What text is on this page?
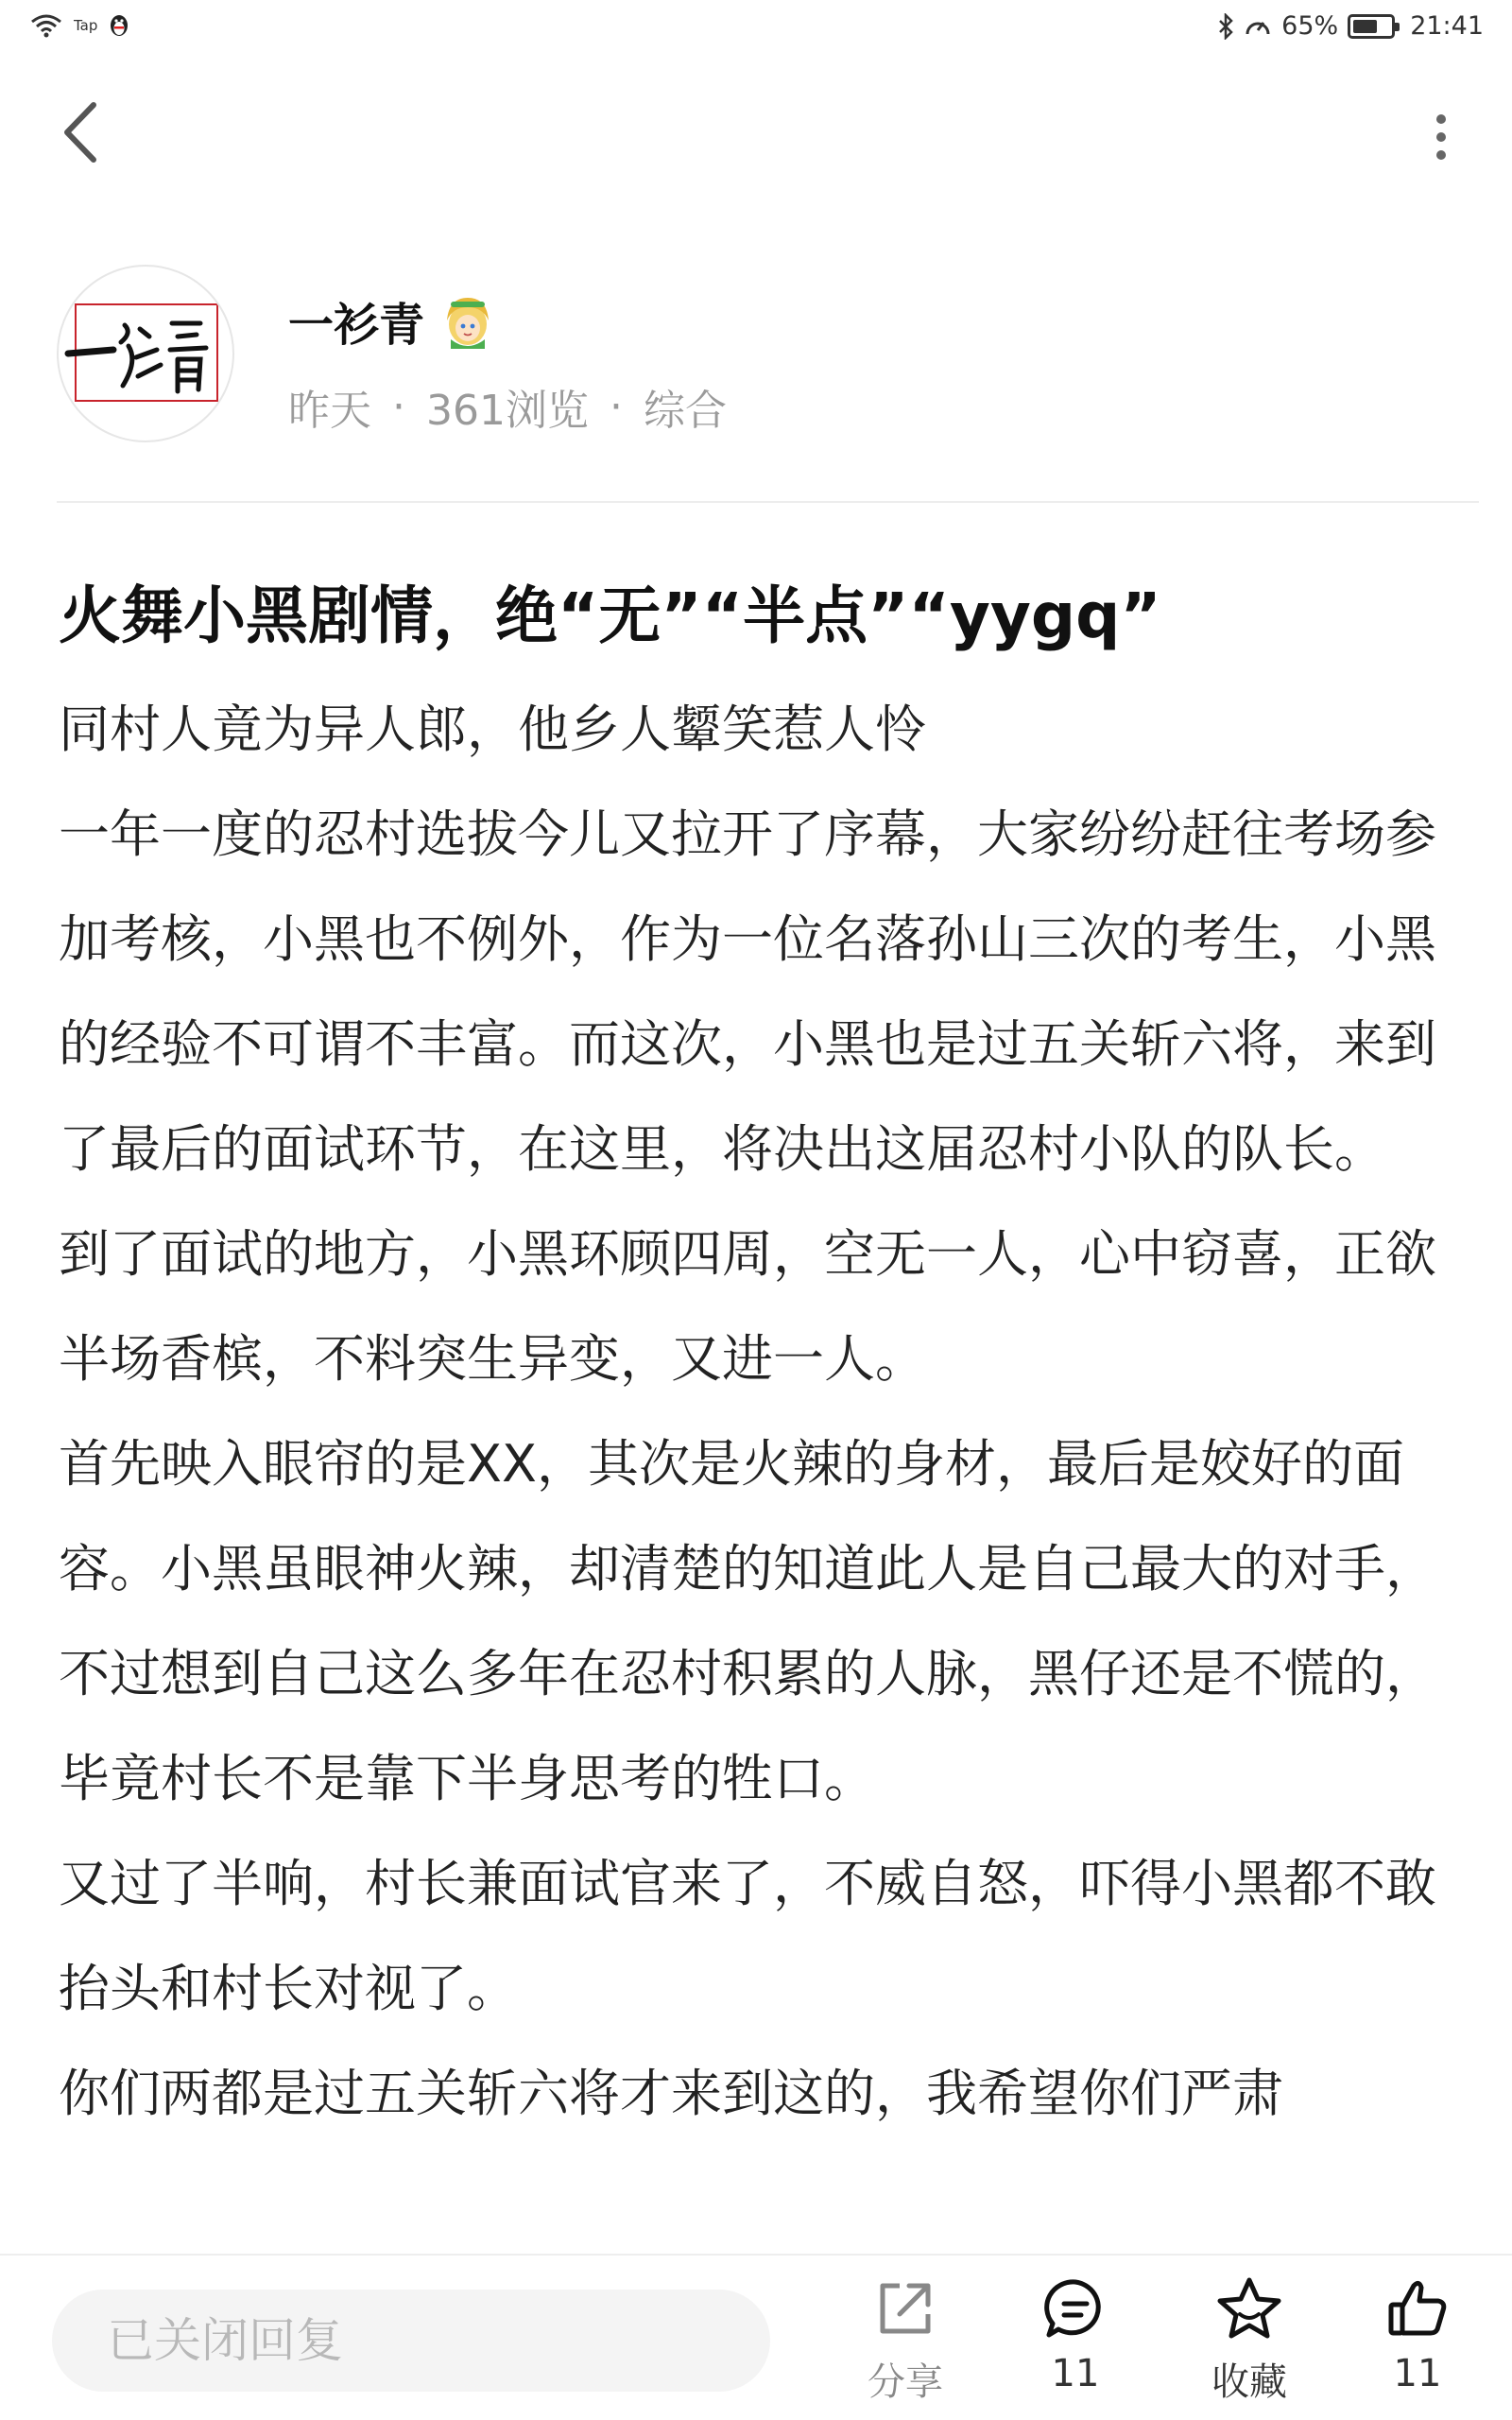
Tap	65%	21:41
一衫青
昨天 · 361浏览 · 综合
火舞小黑剧情，绝“无”“半点”“yygq”

同村人竟为异人郎，他乡人颦笑惹人怜

一年一度的忍村选拔今儿又拉开了序幕，大家纷纷赶往考场参加考核，小黑也不例外，作为一位名落孙山三次的考生，小黑的经验不可谓不丰富。而这次，小黑也是过五关斩六将，来到了最后的面试环节，在这里，将决出这届忍村小队的队长。

到了面试的地方，小黑环顾四周，空无一人，心中窃喜，正欲半场香槟，不料突生异变，又进一人。

首先映入眼帘的是XX，其次是火辣的身材，最后是姣好的面容。小黑虽眼神火辣，却清楚的知道此人是自己最大的对手，不过想到自己这么多年在忍村积累的人脉，黑仔还是不慌的，毕竟村长不是靠下半身思考的牲口。

又过了半响，村长兼面试官来了，不威自怒，吓得小黑都不敢抬头和村长对视了。

你们两都是过五关斩六将才来到这的，我希望你们严肃

已关闭回复
分享	11	收藏	11
